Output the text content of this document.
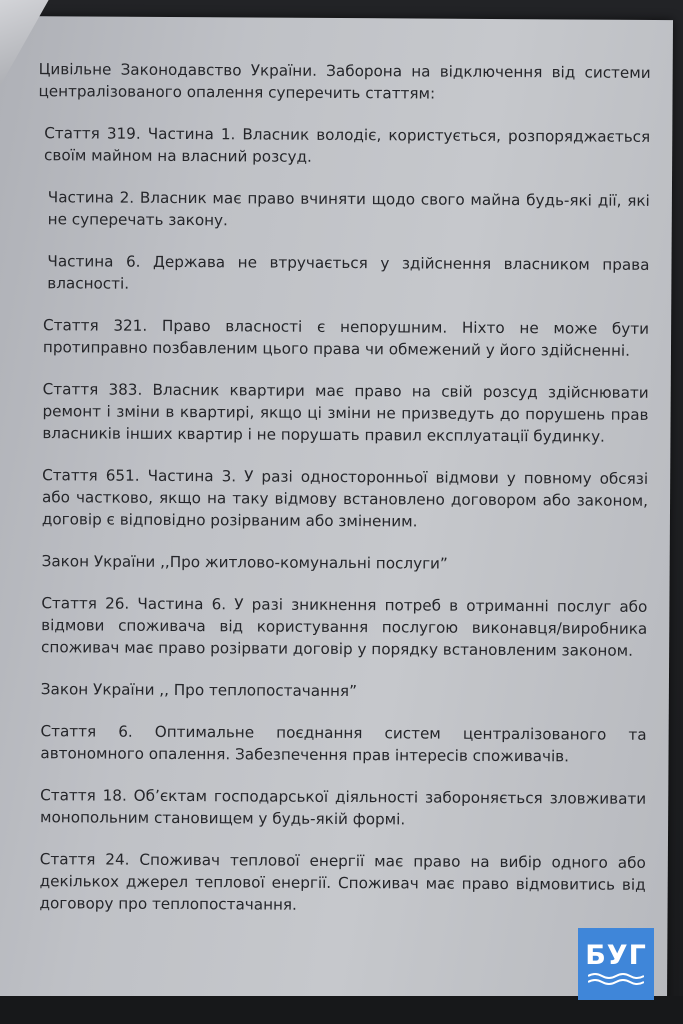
Цивільне Законодавство України. Заборона на відключення від системи централізованого опалення суперечить статтям:

Стаття 319. Частина 1. Власник володіє, користується, розпоряджається своїм майном на власний розсуд.

Частина 2. Власник має право вчиняти щодо свого майна будь-які дії, які не суперечать закону.

Частина 6. Держава не втручається у здійснення власником права власності.

Стаття 321. Право власності є непорушним. Ніхто не може бути протиправно позбавленим цього права чи обмежений у його здійсненні.

Стаття 383. Власник квартири має право на свій розсуд здійснювати ремонт і зміни в квартирі, якщо ці зміни не призведуть до порушень прав власників інших квартир і не порушать правил експлуатації будинку.

Стаття 651. Частина 3. У разі односторонньої відмови у повному обсязі або частково, якщо на таку відмову встановлено договором або законом, договір є відповідно розірваним або зміненим.

Закон України ,,Про житлово-комунальні послуги”

Стаття 26. Частина 6. У разі зникнення потреб в отриманні послуг або відмови споживача від користування послугою виконавця/виробника споживач має право розірвати договір у порядку встановленим законом.

Закон України ,, Про теплопостачання”

Стаття 6. Оптимальне поєднання систем централізованого та автономного опалення. Забезпечення прав інтересів споживачів.

Стаття 18. Об’єктам господарської діяльності забороняється зловживати монопольним становищем у будь-якій формі.

Стаття 24. Споживач теплової енергії має право на вибір одного або декількох джерел теплової енергії. Споживач має право відмовитись від договору про теплопостачання.

БУГ
